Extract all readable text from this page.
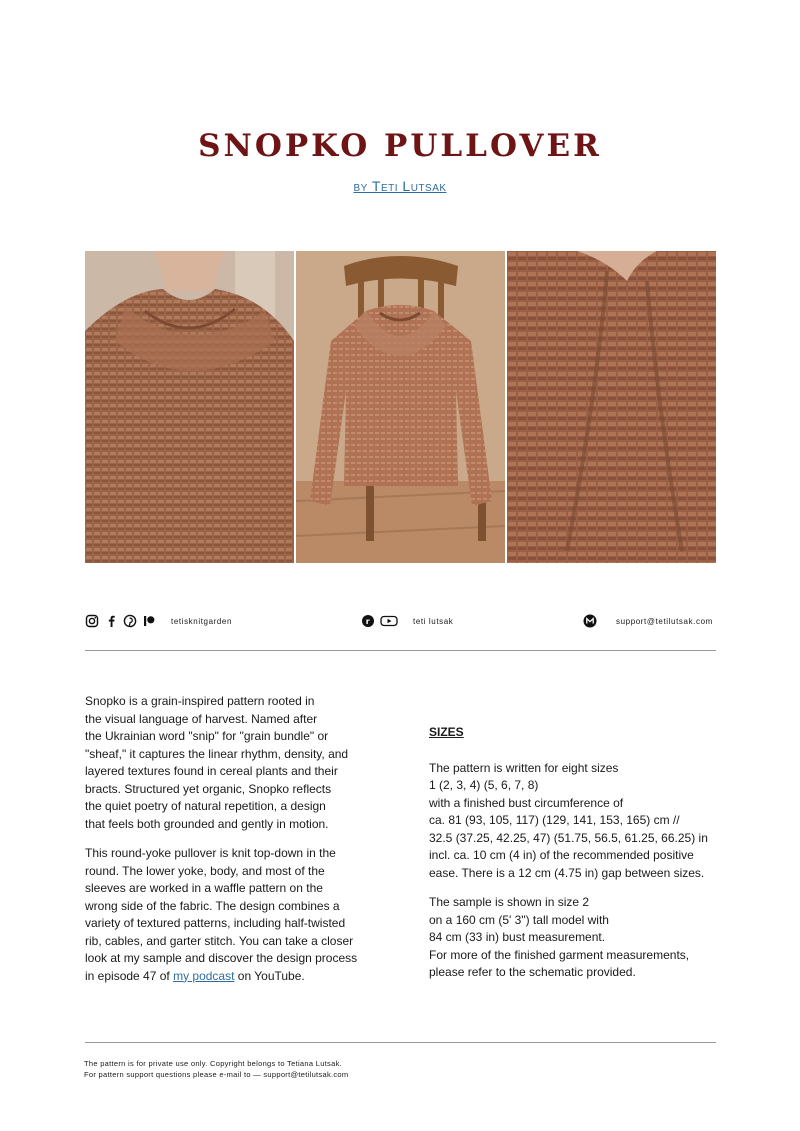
SNOPKO PULLOVER
by Teti Lutsak
tetisknitgarden	r	teti lutsak	support@tetilutsak.com

Snopko is a grain-inspired pattern rooted in
the visual language of harvest. Named after
the Ukrainian word "snip" for "grain bundle" or
"sheaf," it captures the linear rhythm, density, and
layered textures found in cereal plants and their
bracts. Structured yet organic, Snopko reflects
the quiet poetry of natural repetition, a design
that feels both grounded and gently in motion.

This round-yoke pullover is knit top-down in the
round. The lower yoke, body, and most of the
sleeves are worked in a waffle pattern on the
wrong side of the fabric. The design combines a
variety of textured patterns, including half-twisted
rib, cables, and garter stitch. You can take a closer
look at my sample and discover the design process
in episode 47 of my podcast on YouTube.

SIZES

The pattern is written for eight sizes
1 (2, 3, 4) (5, 6, 7, 8)
with a finished bust circumference of
ca. 81 (93, 105, 117) (129, 141, 153, 165) cm //
32.5 (37.25, 42.25, 47) (51.75, 56.5, 61.25, 66.25) in
incl. ca. 10 cm (4 in) of the recommended positive
ease. There is a 12 cm (4.75 in) gap between sizes.

The sample is shown in size 2
on a 160 cm (5' 3") tall model with
84 cm (33 in) bust measurement.
For more of the finished garment measurements,
please refer to the schematic provided.

The pattern is for private use only. Copyright belongs to Tetiana Lutsak.
For pattern support questions please e-mail to — support@tetilutsak.com
